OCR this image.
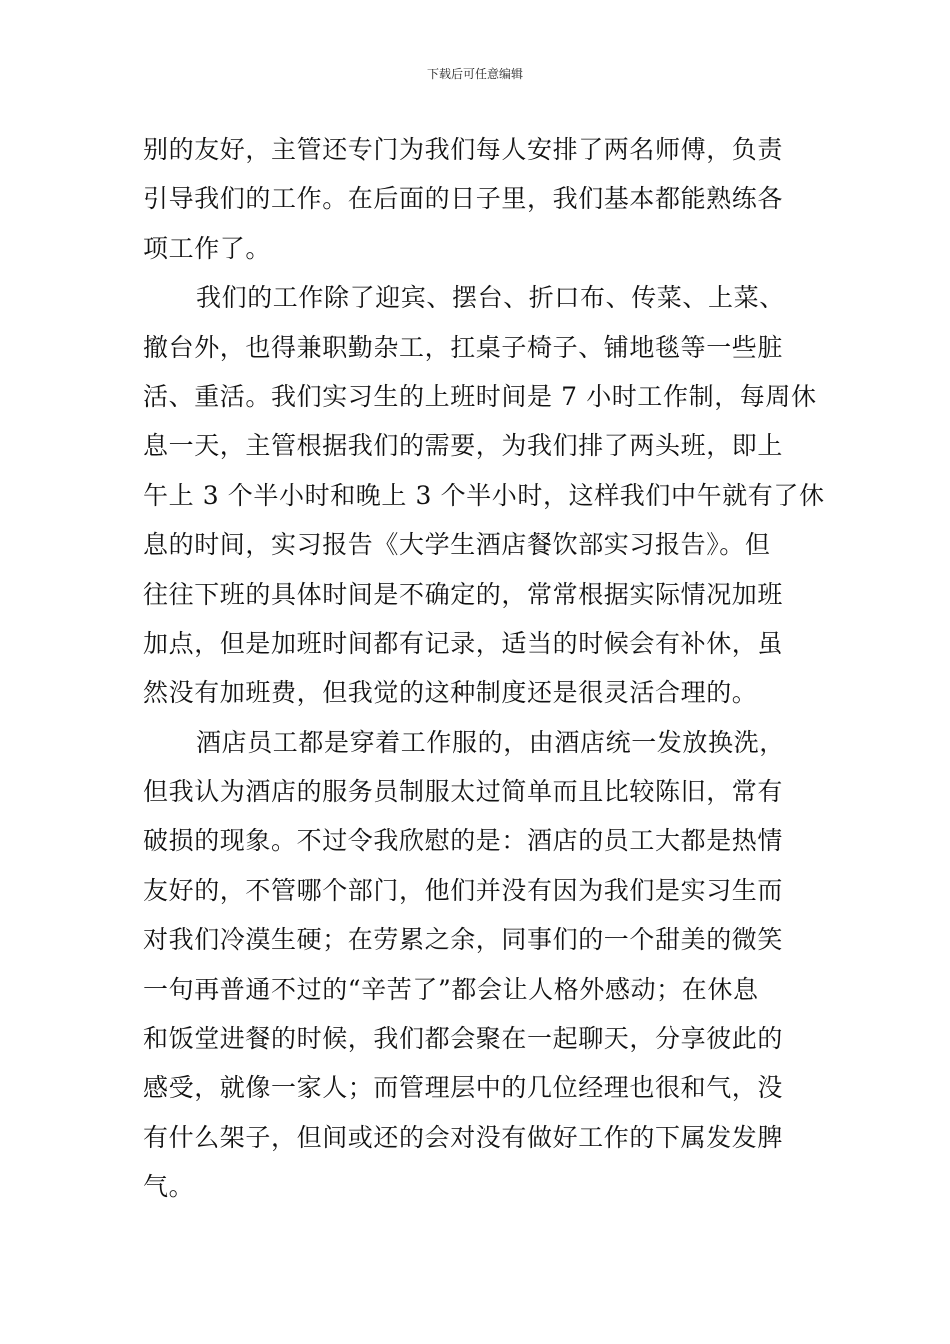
下载后可任意编辑
别的友好，主管还专门为我们每人安排了两名师傅，负责
引导我们的工作。在后面的日子里，我们基本都能熟练各
项工作了。
我们的工作除了迎宾、摆台、折口布、传菜、上菜、
撤台外，也得兼职勤杂工，扛桌子椅子、铺地毯等一些脏
活、重活。我们实习生的上班时间是 7 小时工作制，每周休
息一天，主管根据我们的需要，为我们排了两头班，即上
午上 3 个半小时和晚上 3 个半小时，这样我们中午就有了休
息的时间，实习报告《大学生酒店餐饮部实习报告》。但
往往下班的具体时间是不确定的，常常根据实际情况加班
加点，但是加班时间都有记录，适当的时候会有补休，虽
然没有加班费，但我觉的这种制度还是很灵活合理的。
酒店员工都是穿着工作服的，由酒店统一发放换洗，
但我认为酒店的服务员制服太过简单而且比较陈旧，常有
破损的现象。不过令我欣慰的是：酒店的员工大都是热情
友好的，不管哪个部门，他们并没有因为我们是实习生而
对我们冷漠生硬；在劳累之余，同事们的一个甜美的微笑
一句再普通不过的“辛苦了”都会让人格外感动；在休息
和饭堂进餐的时候，我们都会聚在一起聊天，分享彼此的
感受，就像一家人；而管理层中的几位经理也很和气，没
有什么架子，但间或还的会对没有做好工作的下属发发脾
气。
